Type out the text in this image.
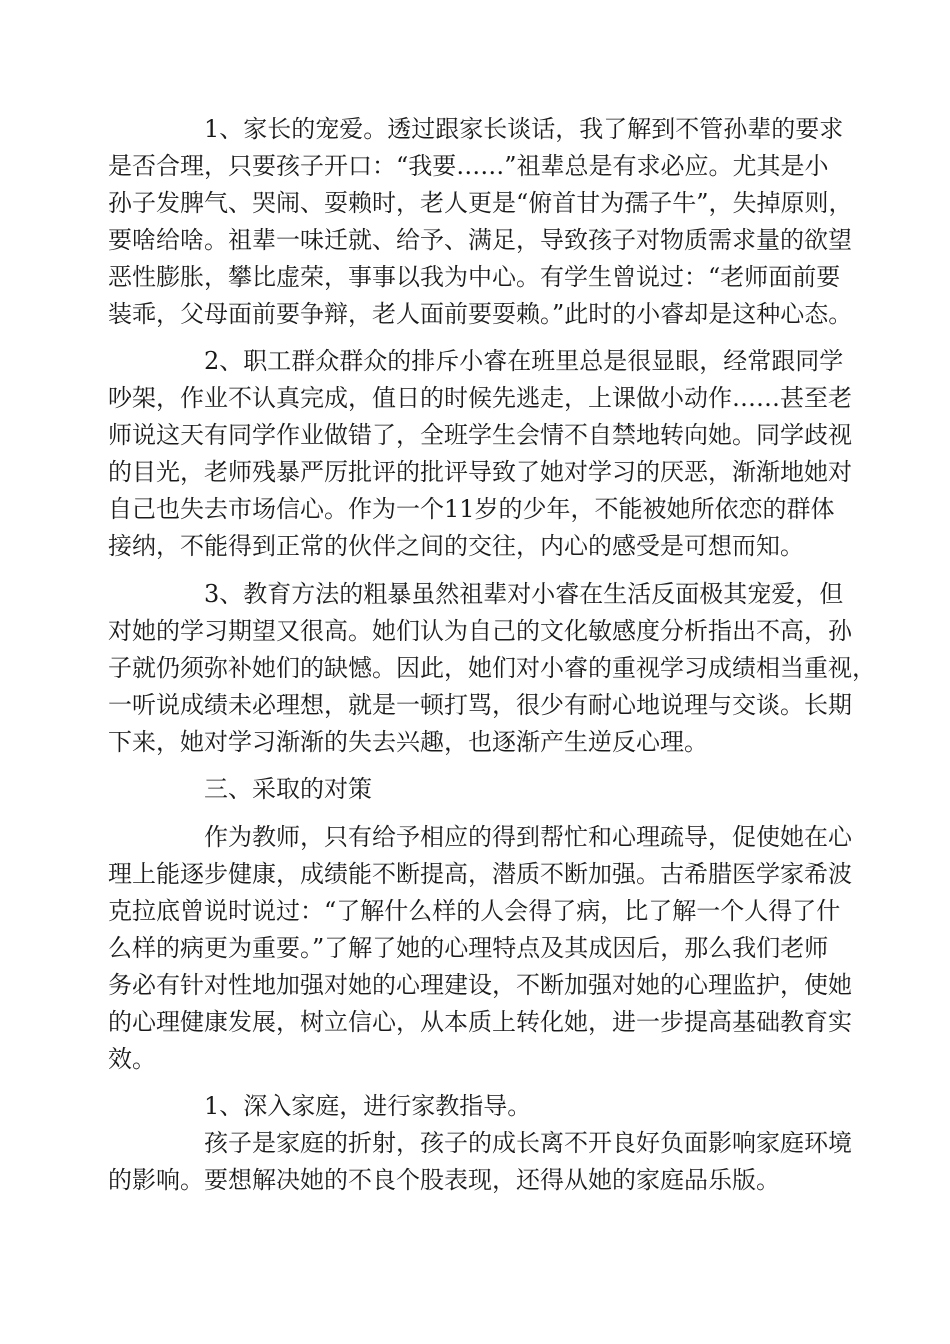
1、家长的宠爱。透过跟家长谈话，我了解到不管孙辈的要求
是否合理，只要孩子开口：“我要……”祖辈总是有求必应。尤其是小
孙子发脾气、哭闹、耍赖时，老人更是“俯首甘为孺子牛”，失掉原则，
要啥给啥。祖辈一味迁就、给予、满足，导致孩子对物质需求量的欲望
恶性膨胀，攀比虚荣，事事以我为中心。有学生曾说过：“老师面前要
装乖，父母面前要争辩，老人面前要耍赖。”此时的小睿却是这种心态。
2、职工群众群众的排斥小睿在班里总是很显眼，经常跟同学
吵架，作业不认真完成，值日的时候先逃走，上课做小动作……甚至老
师说这天有同学作业做错了，全班学生会情不自禁地转向她。同学歧视
的目光，老师残暴严厉批评的批评导致了她对学习的厌恶，渐渐地她对
自己也失去市场信心。作为一个11岁的少年，不能被她所依恋的群体
接纳，不能得到正常的伙伴之间的交往，内心的感受是可想而知。
3、教育方法的粗暴虽然祖辈对小睿在生活反面极其宠爱，但
对她的学习期望又很高。她们认为自己的文化敏感度分析指出不高，孙
子就仍须弥补她们的缺憾。因此，她们对小睿的重视学习成绩相当重视，
一听说成绩未必理想，就是一顿打骂，很少有耐心地说理与交谈。长期
下来，她对学习渐渐的失去兴趣，也逐渐产生逆反心理。
三、采取的对策
作为教师，只有给予相应的得到帮忙和心理疏导，促使她在心
理上能逐步健康，成绩能不断提高，潜质不断加强。古希腊医学家希波
克拉底曾说时说过：“了解什么样的人会得了病，比了解一个人得了什
么样的病更为重要。”了解了她的心理特点及其成因后，那么我们老师
务必有针对性地加强对她的心理建设，不断加强对她的心理监护，使她
的心理健康发展，树立信心，从本质上转化她，进一步提高基础教育实
效。
1、深入家庭，进行家教指导。
孩子是家庭的折射，孩子的成长离不开良好负面影响家庭环境
的影响。要想解决她的不良个股表现，还得从她的家庭品乐版。
